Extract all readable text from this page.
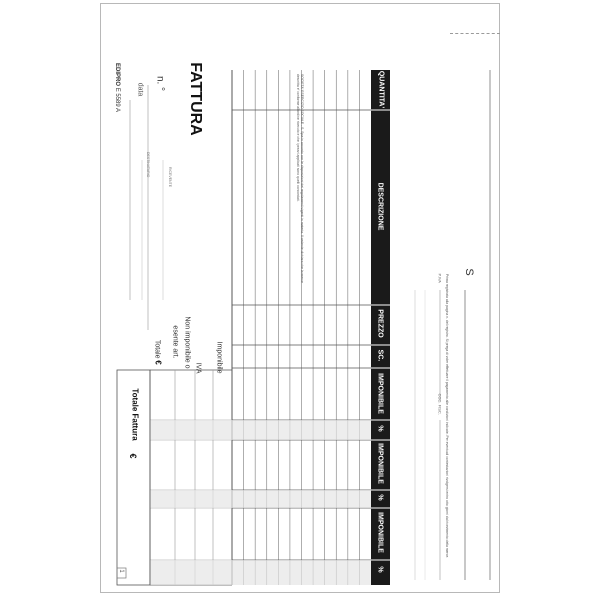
SOCIETA' ESERCIZIO SOCIALE - S. Spa in accordo con le disposizioni dei regolamenti vigenti in materia. Il cedente dichiara che la merce descritta e' conforme all'ordine ricevuto e che i prezzi applicati sono quelli concordati.
Prima registrata alla pagina n. del registro. Si prega di voler effettuare il pagamento alle condizioni indicate. Per eventuali contestazioni rivolgersi entro otto giorni dal ricevimento della merce.
QUANTITA'
DESCRIZIONE
PREZZO
SC.
IMPONIBILE
%
IMPONIBILE
%
IMPONIBILE
%
FATTURA
n. °
data
EDIPRO E 5589 A
RICEVENTE
DESTINATARIO
Imponibile
IVA
Non imponibile o
esente art.
Totale
€
Totale Fattura
€
S
P.IVA
COD. FISC.
1
